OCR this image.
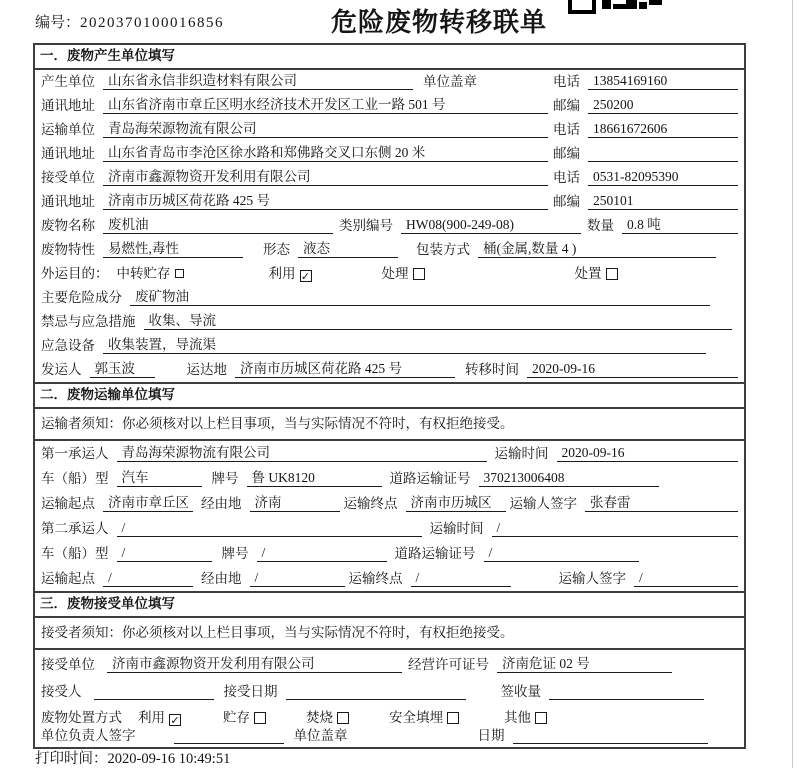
编号：2020370100016856	危险废物转移联单
一．废物产生单位填写
产生单位 山东省永信非织造材料有限公司	单位盖章	电话 13854169160
通讯地址 山东省济南市章丘区明水经济技术开发区工业一路 501 号	邮编 250200
运输单位 青岛海荣源物流有限公司	电话 18661672606
通讯地址 山东省青岛市李沧区徐水路和郑佛路交叉口东侧 20 米	邮编
接受单位 济南市鑫源物资开发利用有限公司	电话 0531-82095390
通讯地址 济南市历城区荷花路 425 号	邮编 250101
废物名称 废机油	类别编号 HW08(900-249-08)	数量 0.8 吨
废物特性 易燃性,毒性	形态 液态	包装方式 桶(金属,数量 4 )
外运目的： 中转贮存	利用 ✓	处理	处置
主要危险成分 废矿物油
禁忌与应急措施 收集、导流
应急设备 收集装置，导流渠
发运人 郭玉波	运达地 济南市历城区荷花路 425 号	转移时间 2020-09-16
二．废物运输单位填写
运输者须知：你必须核对以上栏目事项，当与实际情况不符时，有权拒绝接受。
第一承运人 青岛海荣源物流有限公司	运输时间 2020-09-16
车（船）型 汽车	牌号 鲁 UK8120	道路运输证号 370213006408
运输起点 济南市章丘区 经由地 济南	运输终点 济南市历城区	运输人签字 张春雷
第二承运人 /	运输时间 /
车（船）型 /	牌号 /	道路运输证号 /
运输起点 /	经由地 /	运输终点 /	运输人签字 /
三．废物接受单位填写
接受者须知：你必须核对以上栏目事项，当与实际情况不符时，有权拒绝接受。
接受单位	济南市鑫源物资开发利用有限公司	经营许可证号 济南危证 02 号
接受人	接受日期	签收量
废物处置方式 利用 ✓	贮存	焚烧	安全填埋	其他
单位负责人签字	单位盖章	日期
打印时间：2020-09-16 10:49:51
